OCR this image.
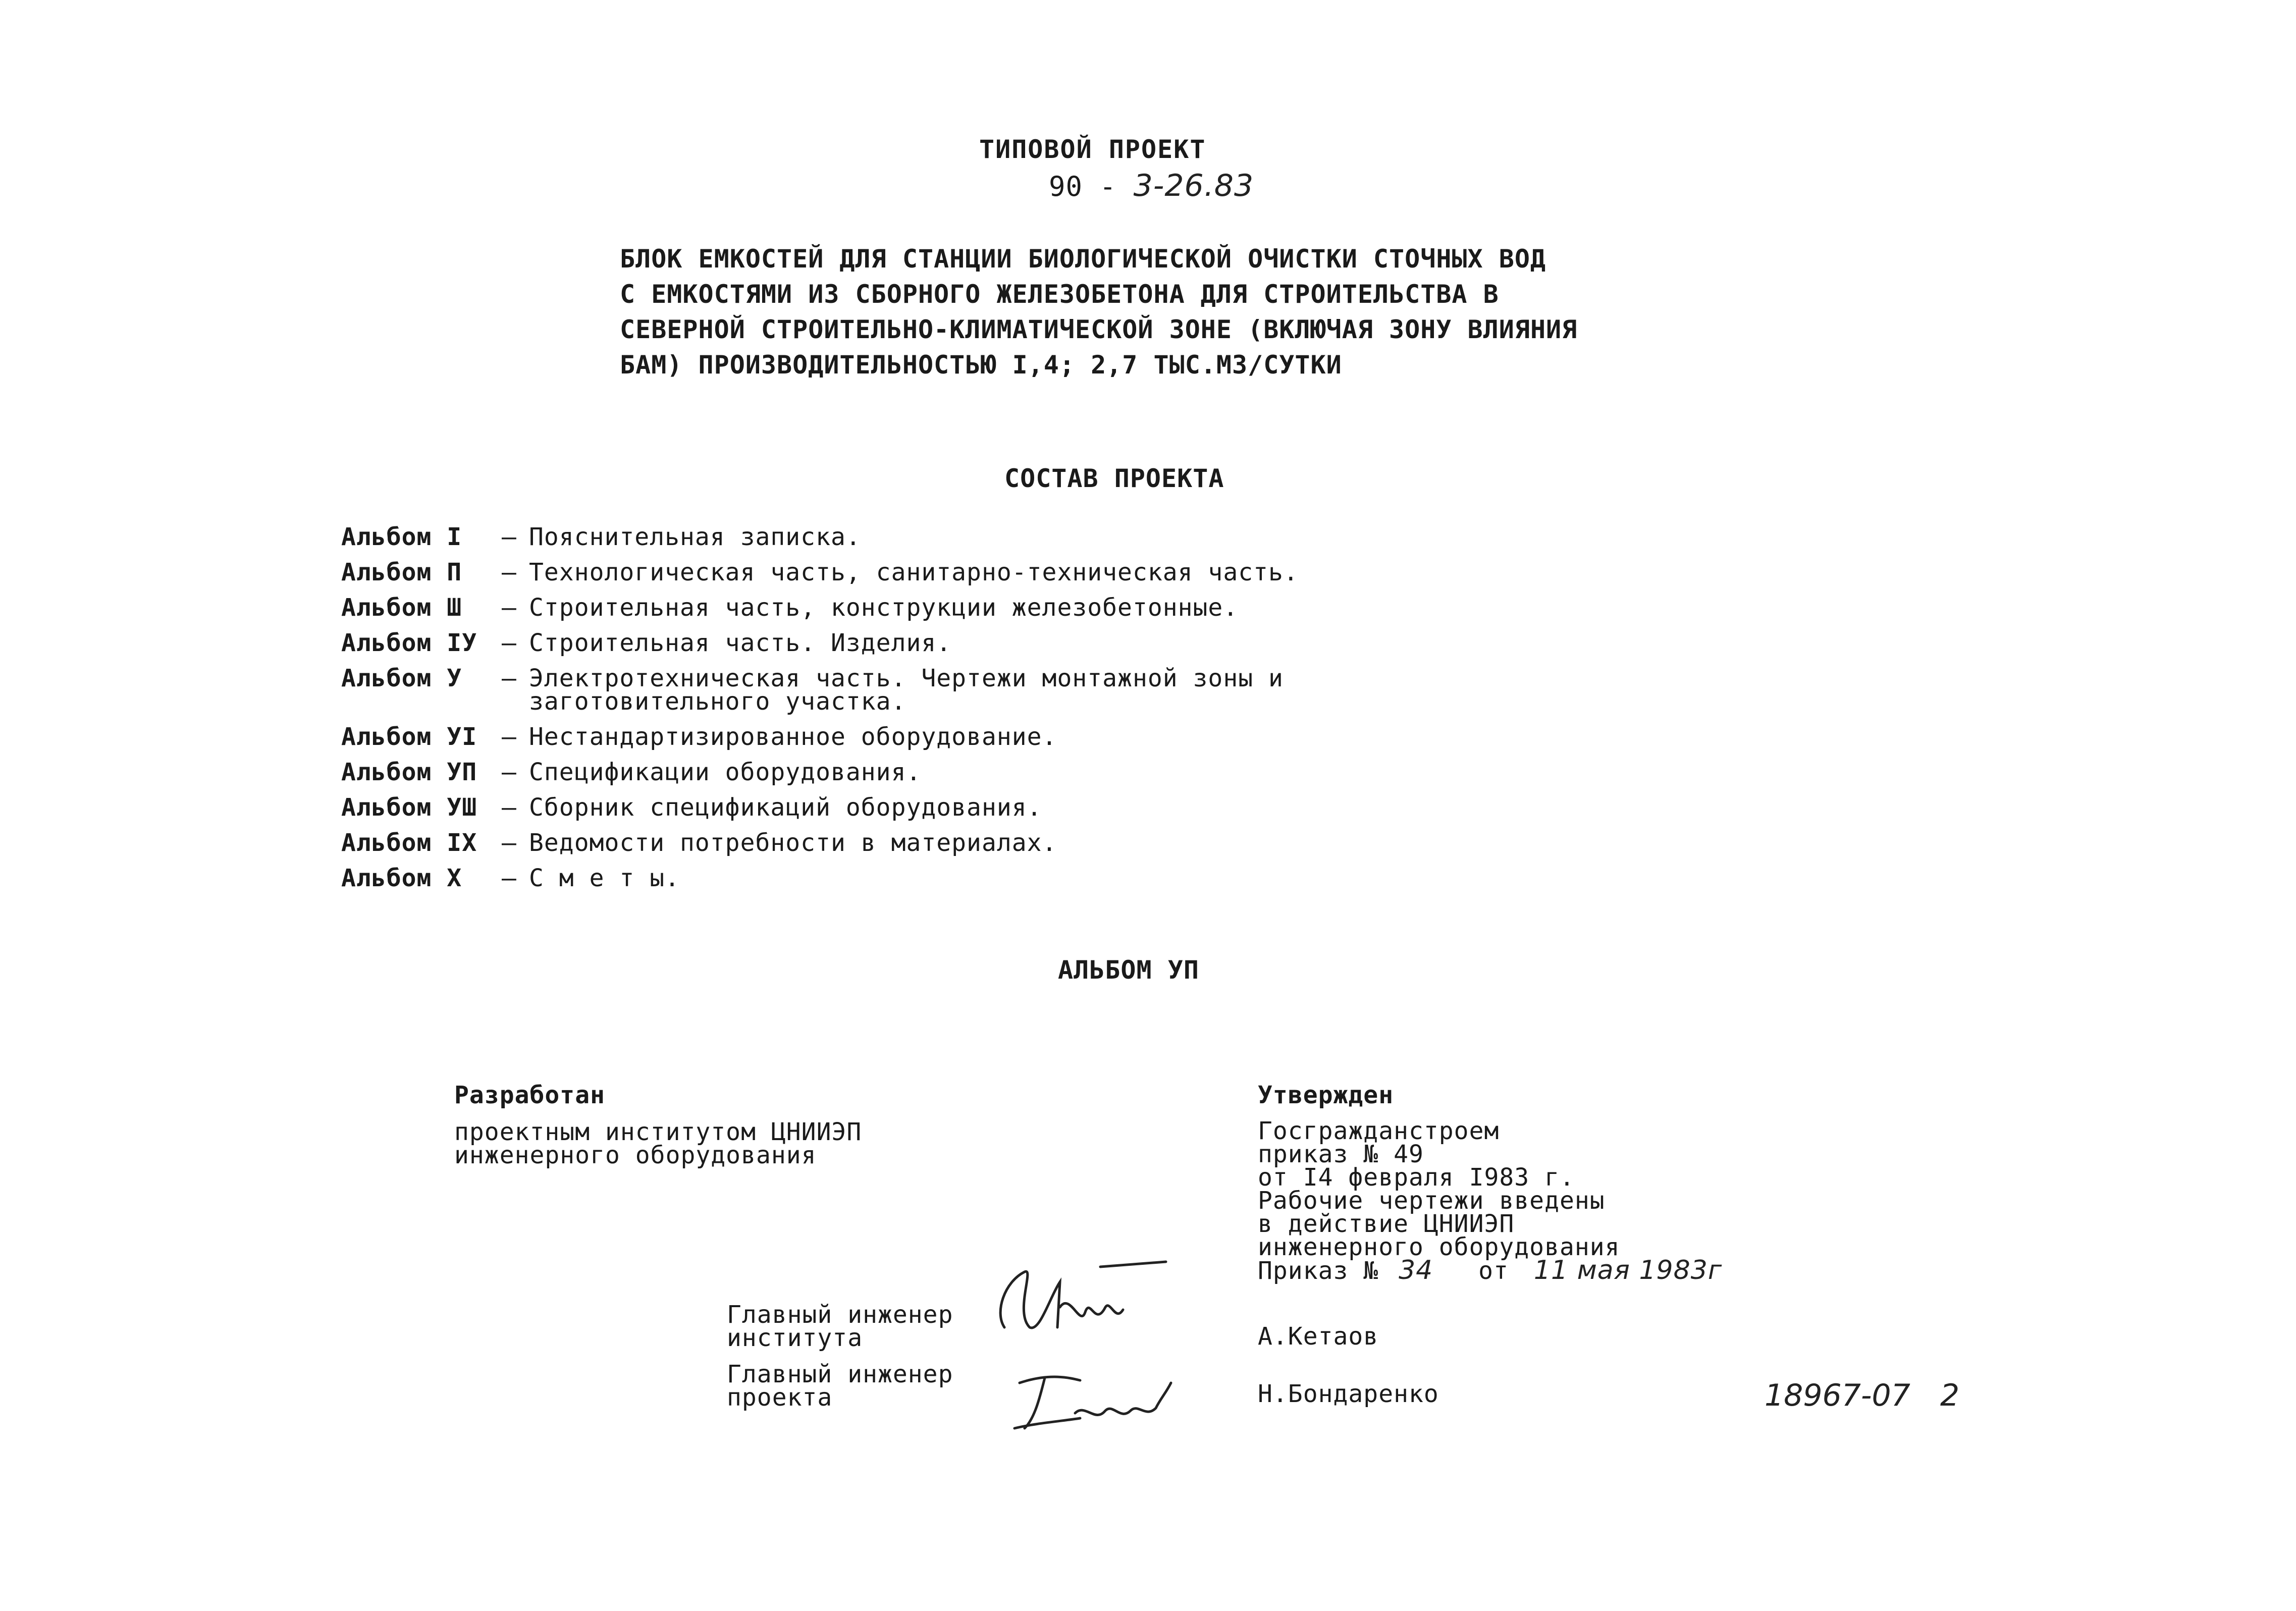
ТИПОВОЙ ПРОЕКТ
90 - 3-26.83
БЛОК ЕМКОСТЕЙ ДЛЯ СТАНЦИИ БИОЛОГИЧЕСКОЙ ОЧИСТКИ СТОЧНЫХ ВОД
С ЕМКОСТЯМИ ИЗ СБОРНОГО ЖЕЛЕЗОБЕТОНА ДЛЯ СТРОИТЕЛЬСТВА В
СЕВЕРНОЙ СТРОИТЕЛЬНО-КЛИМАТИЧЕСКОЙ ЗОНЕ (ВКЛЮЧАЯ ЗОНУ ВЛИЯНИЯ
БАМ) ПРОИЗВОДИТЕЛЬНОСТЬЮ I,4; 2,7 ТЫС.М3/СУТКИ
СОСТАВ ПРОЕКТА
Альбом I – Пояснительная записка.
Альбом П – Технологическая часть, санитарно-техническая часть.
Альбом Ш – Строительная часть, конструкции железобетонные.
Альбом IУ – Строительная часть. Изделия.
Альбом У – Электротехническая часть. Чертежи монтажной зоны и
заготовительного участка.
Альбом УI – Нестандартизированное оборудование.
Альбом УП – Спецификации оборудования.
Альбом УШ – Сборник спецификаций оборудования.
Альбом IX – Ведомости потребности в материалах.
Альбом X – С м е т ы.
АЛЬБОМ УП
Разработан
проектным институтом ЦНИИЭП
инженерного оборудования
Утвержден
Госгражданстроем
приказ № 49
от I4 февраля I983 г.
Рабочие чертежи введены
в действие ЦНИИЭП
инженерного оборудования
Приказ № 34 от 11 мая 1983г
Главный инженер
института	А.Кетаов
Главный инженер
проекта	Н.Бондаренко	18967-07 2
